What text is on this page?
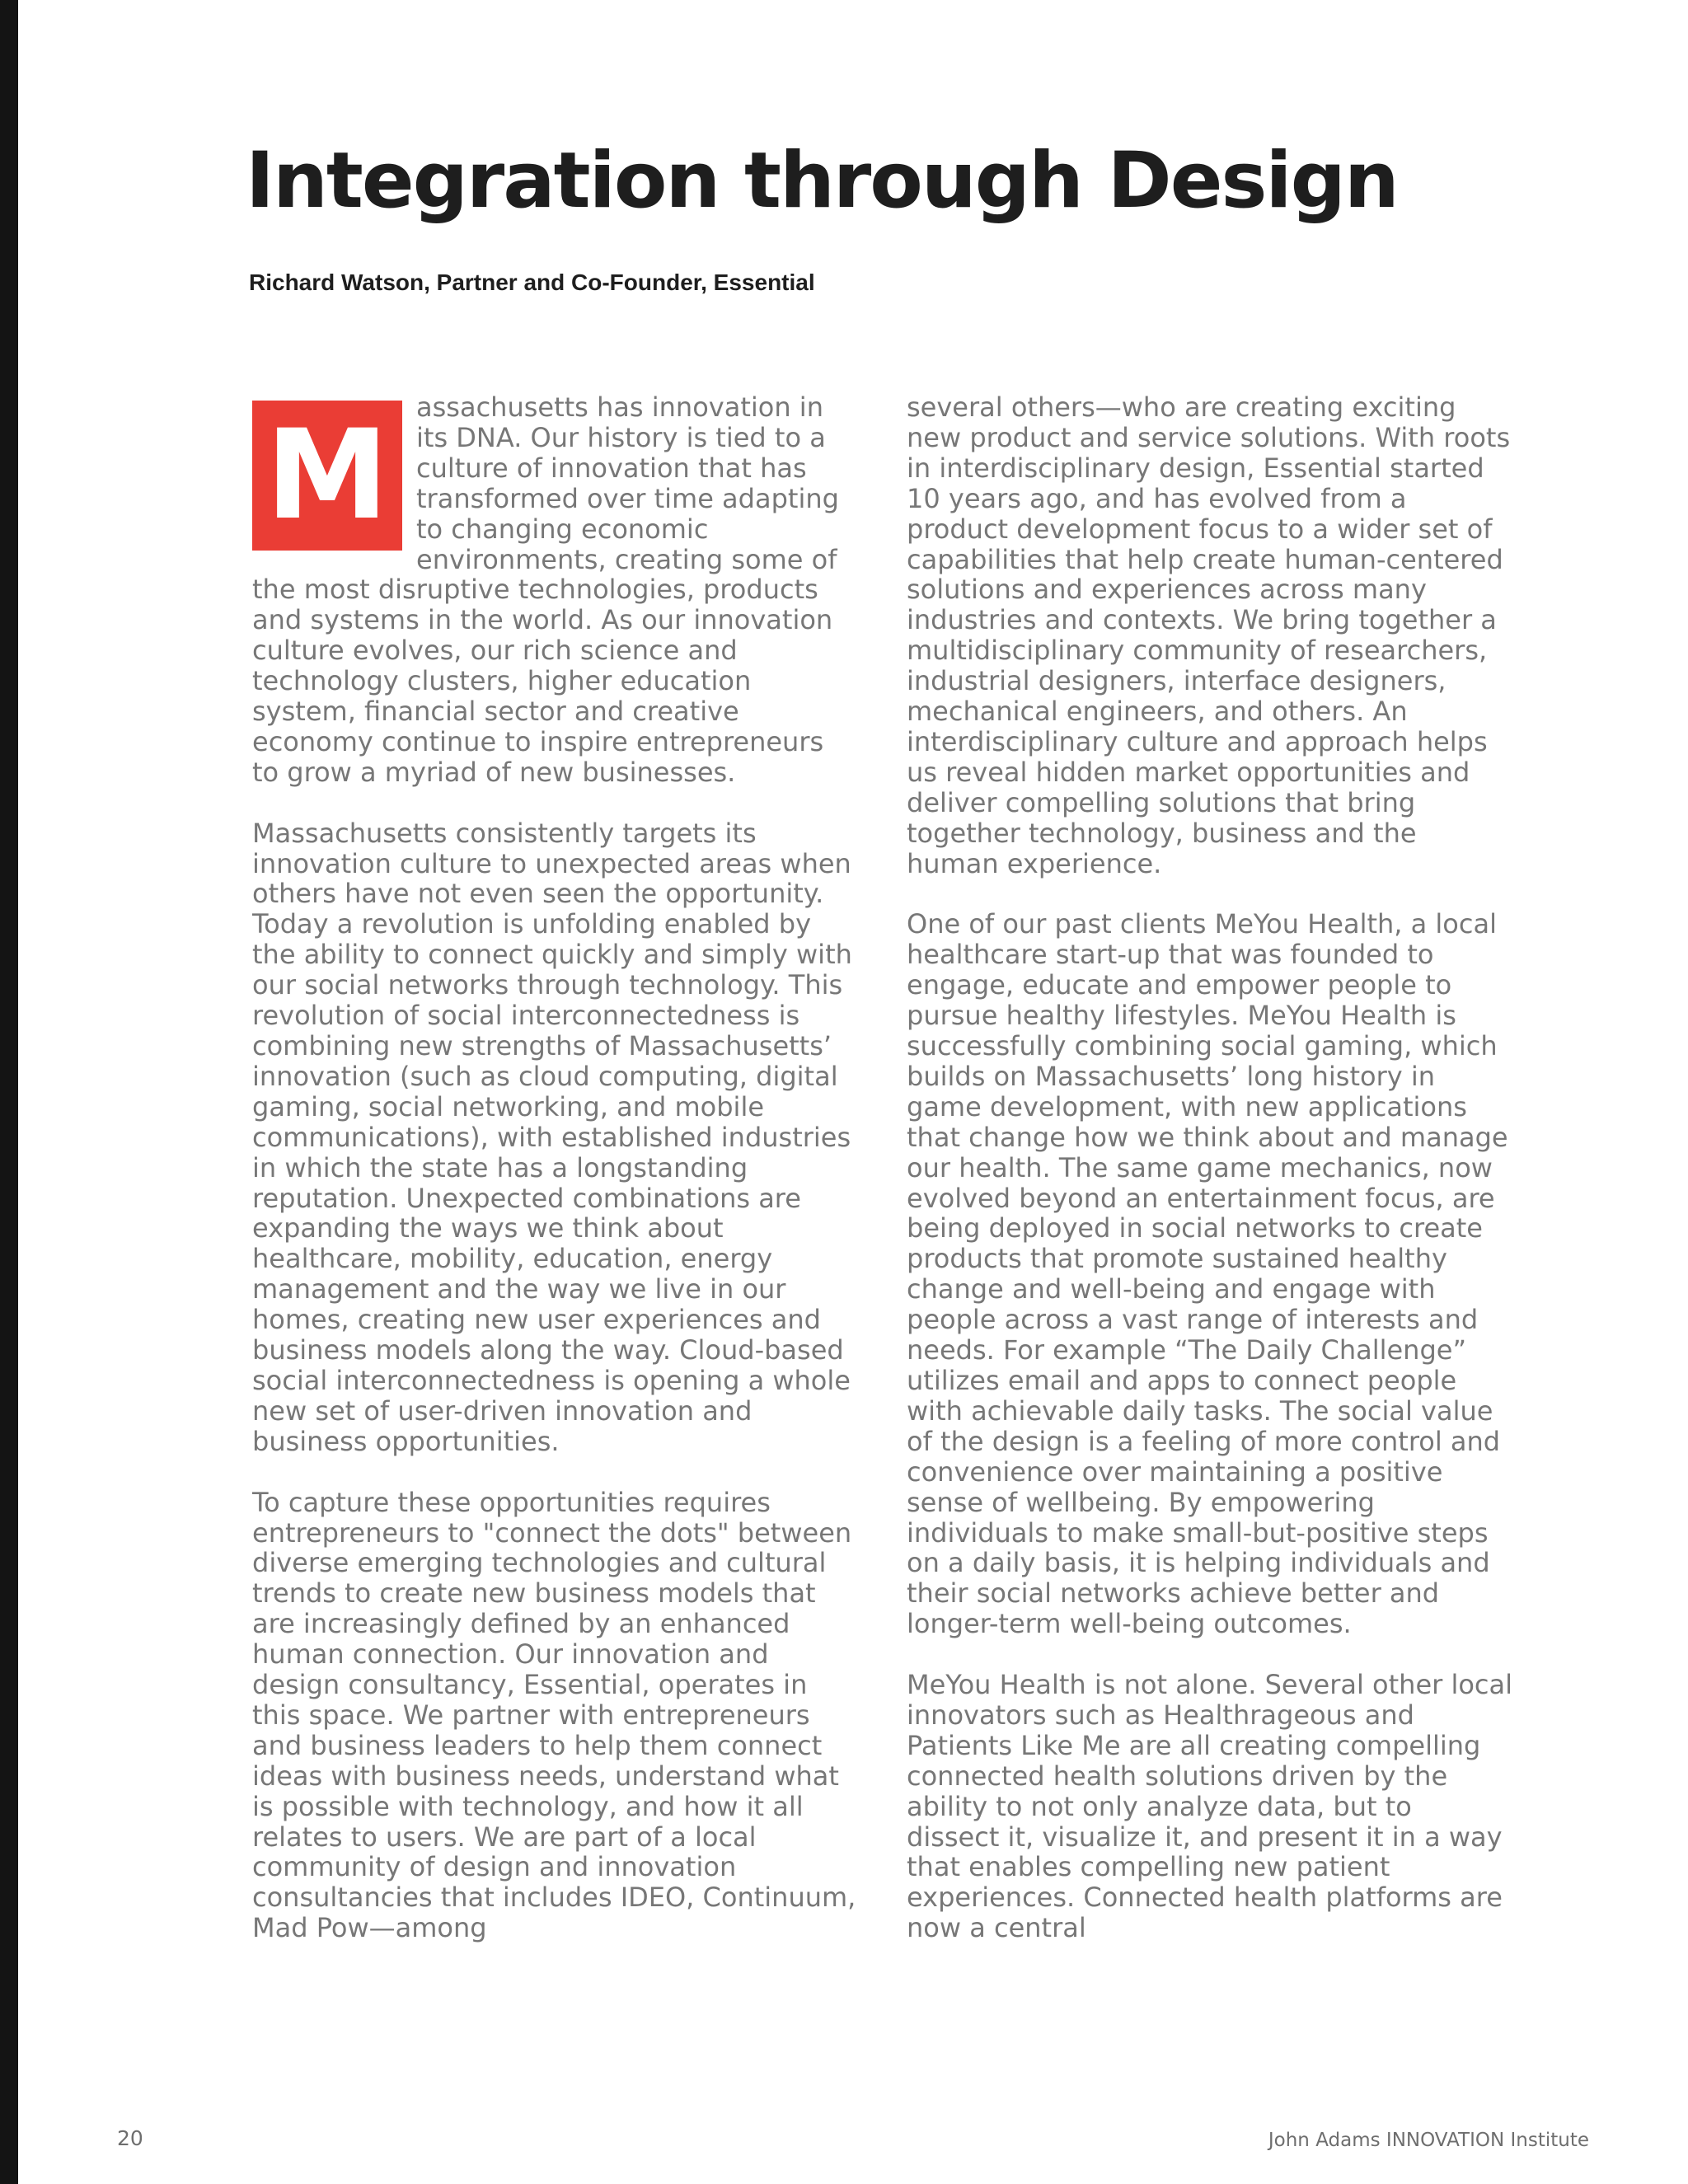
Integration through Design
Richard Watson, Partner and Co-Founder, Essential

M	assachusetts has innovation in its DNA. Our history is tied to a culture of innovation that has transformed over time adapting to changing economic environments, creating some of the most disruptive technologies, products and systems in the world. As our innovation culture evolves, our rich science and technology clusters, higher education system, financial sector and creative economy continue to inspire entrepreneurs to grow a myriad of new businesses.

Massachusetts consistently targets its innovation culture to unexpected areas when others have not even seen the opportunity. Today a revolution is unfolding enabled by the ability to connect quickly and simply with our social networks through technology. This revolution of social interconnectedness is combining new strengths of Massachusetts’ innovation (such as cloud computing, digital gaming, social networking, and mobile communications), with established industries in which the state has a longstanding reputation. Unexpected combinations are expanding the ways we think about healthcare, mobility, education, energy management and the way we live in our homes, creating new user experiences and business models along the way. Cloud-based social interconnectedness is opening a whole new set of user-driven innovation and business opportunities.

To capture these opportunities requires entrepreneurs to "connect the dots" between diverse emerging technologies and cultural trends to create new business models that are increasingly defined by an enhanced human connection. Our innovation and design consultancy, Essential, operates in this space. We partner with entrepreneurs and business leaders to help them connect ideas with business needs, understand what is possible with technology, and how it all relates to users. We are part of a local community of design and innovation consultancies that includes IDEO, Continuum, Mad Pow—among

several others—who are creating exciting new product and service solutions. With roots in interdisciplinary design, Essential started 10 years ago, and has evolved from a product development focus to a wider set of capabilities that help create human-centered solutions and experiences across many industries and contexts. We bring together a multidisciplinary community of researchers, industrial designers, interface designers, mechanical engineers, and others. An interdisciplinary culture and approach helps us reveal hidden market opportunities and deliver compelling solutions that bring together technology, business and the human experience.

One of our past clients MeYou Health, a local healthcare start-up that was founded to engage, educate and empower people to pursue healthy lifestyles. MeYou Health is successfully combining social gaming, which builds on Massachusetts’ long history in game development, with new applications that change how we think about and manage our health. The same game mechanics, now evolved beyond an entertainment focus, are being deployed in social networks to create products that promote sustained healthy change and well-being and engage with people across a vast range of interests and needs. For example “The Daily Challenge” utilizes email and apps to connect people with achievable daily tasks. The social value of the design is a feeling of more control and convenience over maintaining a positive sense of wellbeing. By empowering individuals to make small-but-positive steps on a daily basis, it is helping individuals and their social networks achieve better and longer-term well-being outcomes.

MeYou Health is not alone. Several other local innovators such as Healthrageous and Patients Like Me are all creating compelling connected health solutions driven by the ability to not only analyze data, but to dissect it, visualize it, and present it in a way that enables compelling new patient experiences. Connected health platforms are now a central

20	John Adams INNOVATION Institute
